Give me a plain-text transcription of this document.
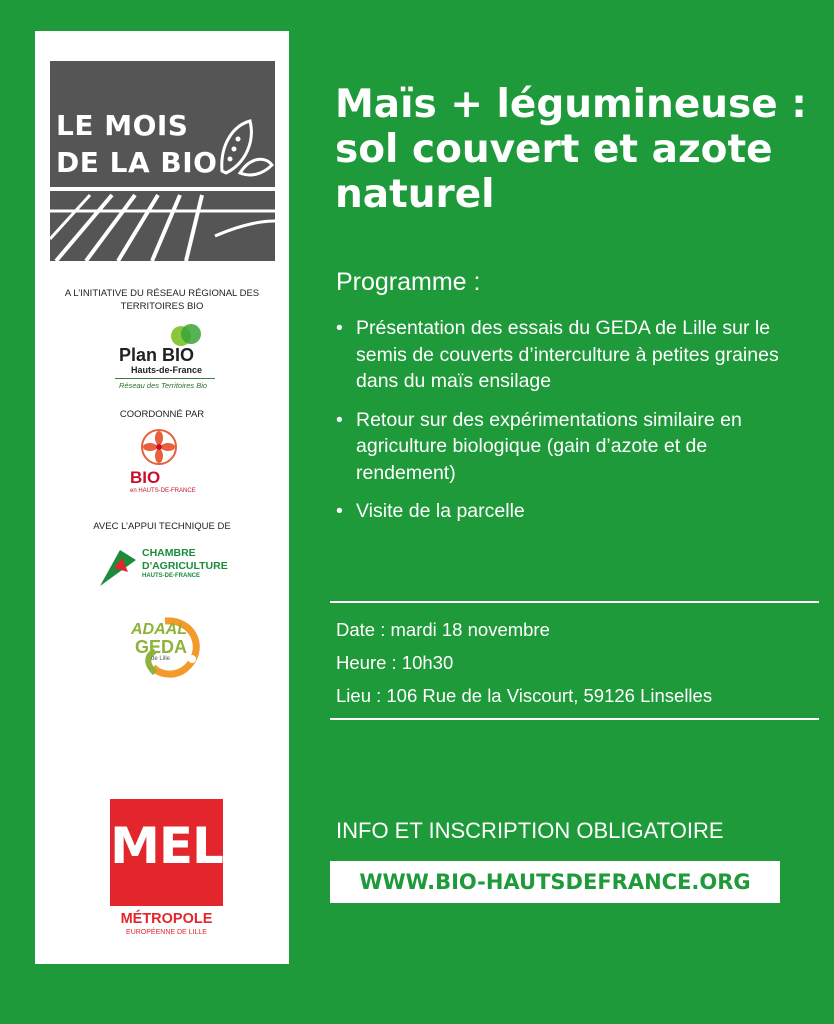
LE MOIS
DE LA BIO
A L’INITIATIVE DU RÉSEAU RÉGIONAL DES TERRITOIRES BIO
Plan BIO
Hauts-de-France
Réseau des Territoires Bio
COORDONNÉ PAR
BIO
en HAUTS-DE-FRANCE
AVEC L’APPUI TECHNIQUE DE
CHAMBRE
D'AGRICULTURE
HAUTS-DE-FRANCE
ADAAL
GEDA
de Lille
MEL
MÉTROPOLE
EUROPÉENNE DE LILLE
Maïs + légumineuse : sol couvert et azote naturel
Programme :
• Présentation des essais du GEDA de Lille sur le semis de couverts d’interculture à petites graines dans du maïs ensilage
• Retour sur des expérimentations similaire en agriculture biologique (gain d’azote et de rendement)
• Visite de la parcelle
Date : mardi 18 novembre
Heure : 10h30
Lieu : 106 Rue de la Viscourt, 59126 Linselles
INFO ET INSCRIPTION OBLIGATOIRE
WWW.BIO-HAUTSDEFRANCE.ORG
